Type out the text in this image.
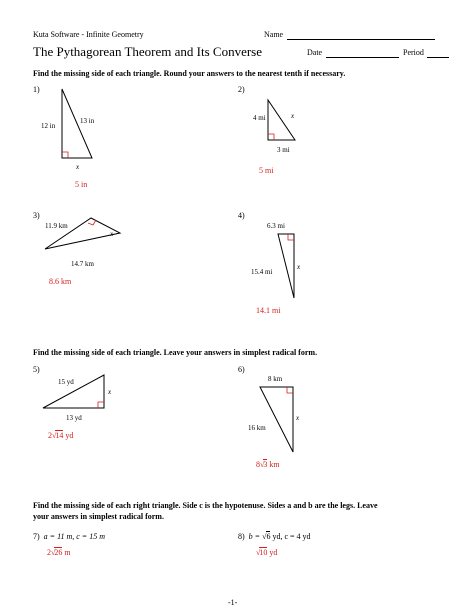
Kuta Software - Infinite Geometry	Name
The Pythagorean Theorem and Its Converse	Date	Period
Find the missing side of each triangle. Round your answers to the nearest tenth if necessary.
1)
12 in
13 in
x
5 in
2)
4 mi	x
3 mi
5 mi
3)
11.9 km
x
14.7 km
8.6 km
4)
6.3 mi
15.4 mi
x
14.1 mi
Find the missing side of each triangle. Leave your answers in simplest radical form.
5)
15 yd
x
13 yd
2√14 yd
6)
8 km
16 km
x
8√3 km
Find the missing side of each right triangle. Side c is the hypotenuse. Sides a and b are the legs. Leave
your answers in simplest radical form.
7) a = 11 m, c = 15 m
2√26 m
8) b = √6 yd, c = 4 yd
√10 yd
-1-
